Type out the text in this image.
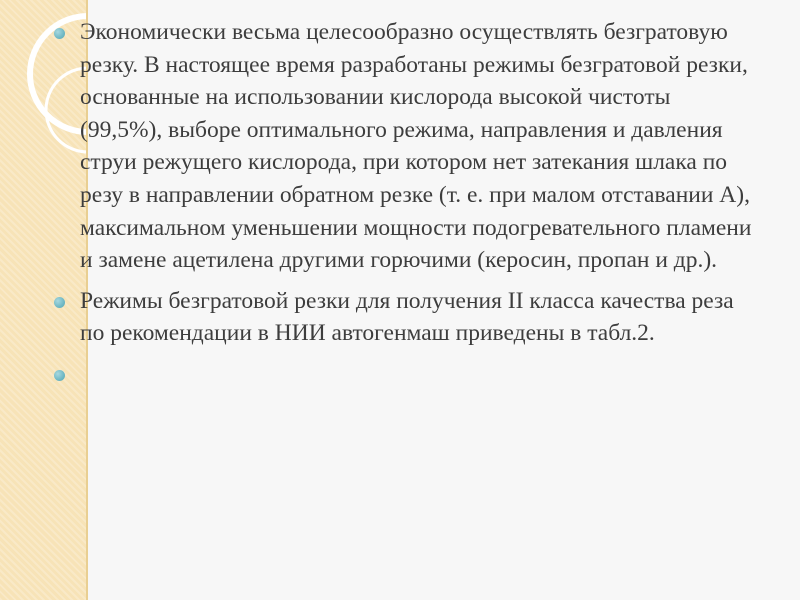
Экономически весьма целесообразно осуществлять безгратовую резку. В настоящее время разработаны режимы безгратовой резки, основанные на использовании кислорода высокой чистоты (99,5%), выборе оптимального режима, направления и давления струи режущего кислорода, при котором нет затекания шлака по резу в направлении обратном резке (т. е. при малом отставании А), максимальном уменьшении мощности подогревательного пламени и замене ацетилена другими горючими (керосин, пропан и др.).
Режимы безгратовой резки для получения II класса качества реза по рекомендации в НИИ автогенмаш приведены в табл.2.
